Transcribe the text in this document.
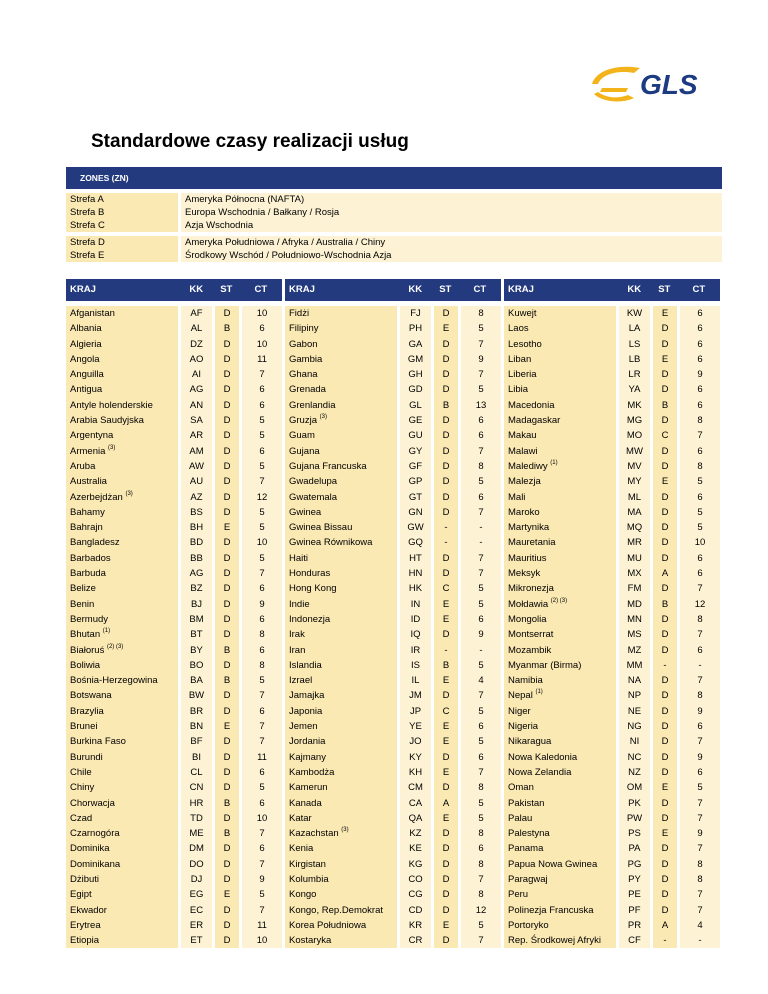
GLS
Standardowe czasy realizacji usług
ZONES (ZN)
Strefa A	Ameryka Północna (NAFTA)
Strefa B	Europa Wschodnia / Bałkany / Rosja
Strefa C	Azja Wschodnia
Strefa D	Ameryka Południowa / Afryka / Australia / Chiny
Strefa E	Środkowy Wschód / Południowo-Wschodnia Azja
KRAJ	KK	ST	CT
Afganistan	AF	D	10
Albania	AL	B	6
Algieria	DZ	D	10
Angola	AO	D	11
Anguilla	AI	D	7
Antigua	AG	D	6
Antyle holenderskie	AN	D	6
Arabia Saudyjska	SA	D	5
Argentyna	AR	D	5
Armenia $^{(3)}$	AM	D	6
Aruba	AW	D	5
Australia	AU	D	7
Azerbejdżan $^{(3)}$	AZ	D	12
Bahamy	BS	D	5
Bahrajn	BH	E	5
Bangladesz	BD	D	10
Barbados	BB	D	5
Barbuda	AG	D	7
Belize	BZ	D	6
Benin	BJ	D	9
Bermudy	BM	D	6
Bhutan $^{(1)}$	BT	D	8
Białoruś $^{(2) (3)}$	BY	B	6
Boliwia	BO	D	8
Bośnia-Herzegowina	BA	B	5
Botswana	BW	D	7
Brazylia	BR	D	6
Brunei	BN	E	7
Burkina Faso	BF	D	7
Burundi	BI	D	11
Chile	CL	D	6
Chiny	CN	D	5
Chorwacja	HR	B	6
Czad	TD	D	10
Czarnogóra	ME	B	7
Dominika	DM	D	6
Dominikana	DO	D	7
Dżibuti	DJ	D	9
Egipt	EG	E	5
Ekwador	EC	D	7
Erytrea	ER	D	11
Etiopia	ET	D	10
KRAJ	KK	ST	CT
Fidżi	FJ	D	8
Filipiny	PH	E	5
Gabon	GA	D	7
Gambia	GM	D	9
Ghana	GH	D	7
Grenada	GD	D	5
Grenlandia	GL	B	13
Gruzja $^{(3)}$	GE	D	6
Guam	GU	D	6
Gujana	GY	D	7
Gujana Francuska	GF	D	8
Gwadelupa	GP	D	5
Gwatemala	GT	D	6
Gwinea	GN	D	7
Gwinea Bissau	GW	-	-
Gwinea Równikowa	GQ	-	-
Haiti	HT	D	7
Honduras	HN	D	7
Hong Kong	HK	C	5
Indie	IN	E	5
Indonezja	ID	E	6
Irak	IQ	D	9
Iran	IR	-	-
Islandia	IS	B	5
Izrael	IL	E	4
Jamajka	JM	D	7
Japonia	JP	C	5
Jemen	YE	E	6
Jordania	JO	E	5
Kajmany	KY	D	6
Kambodża	KH	E	7
Kamerun	CM	D	8
Kanada	CA	A	5
Katar	QA	E	5
Kazachstan $^{(3)}$	KZ	D	8
Kenia	KE	D	6
Kirgistan	KG	D	8
Kolumbia	CO	D	7
Kongo	CG	D	8
Kongo, Rep.Demokrat	CD	D	12
Korea Południowa	KR	E	5
Kostaryka	CR	D	7
KRAJ	KK	ST	CT
Kuwejt	KW	E	6
Laos	LA	D	6
Lesotho	LS	D	6
Liban	LB	E	6
Liberia	LR	D	9
Libia	YA	D	6
Macedonia	MK	B	6
Madagaskar	MG	D	8
Makau	MO	C	7
Malawi	MW	D	6
Malediwy $^{(1)}$	MV	D	8
Malezja	MY	E	5
Mali	ML	D	6
Maroko	MA	D	5
Martynika	MQ	D	5
Mauretania	MR	D	10
Mauritius	MU	D	6
Meksyk	MX	A	6
Mikronezja	FM	D	7
Mołdawia $^{(2) (3)}$	MD	B	12
Mongolia	MN	D	8
Montserrat	MS	D	7
Mozambik	MZ	D	6
Myanmar (Birma)	MM	-	-
Namibia	NA	D	7
Nepal $^{(1)}$	NP	D	8
Niger	NE	D	9
Nigeria	NG	D	6
Nikaragua	NI	D	7
Nowa Kaledonia	NC	D	9
Nowa Zelandia	NZ	D	6
Oman	OM	E	5
Pakistan	PK	D	7
Palau	PW	D	7
Palestyna	PS	E	9
Panama	PA	D	7
Papua Nowa Gwinea	PG	D	8
Paragwaj	PY	D	8
Peru	PE	D	7
Polinezja Francuska	PF	D	7
Portoryko	PR	A	4
Rep. Środkowej Afryki	CF	-	-
